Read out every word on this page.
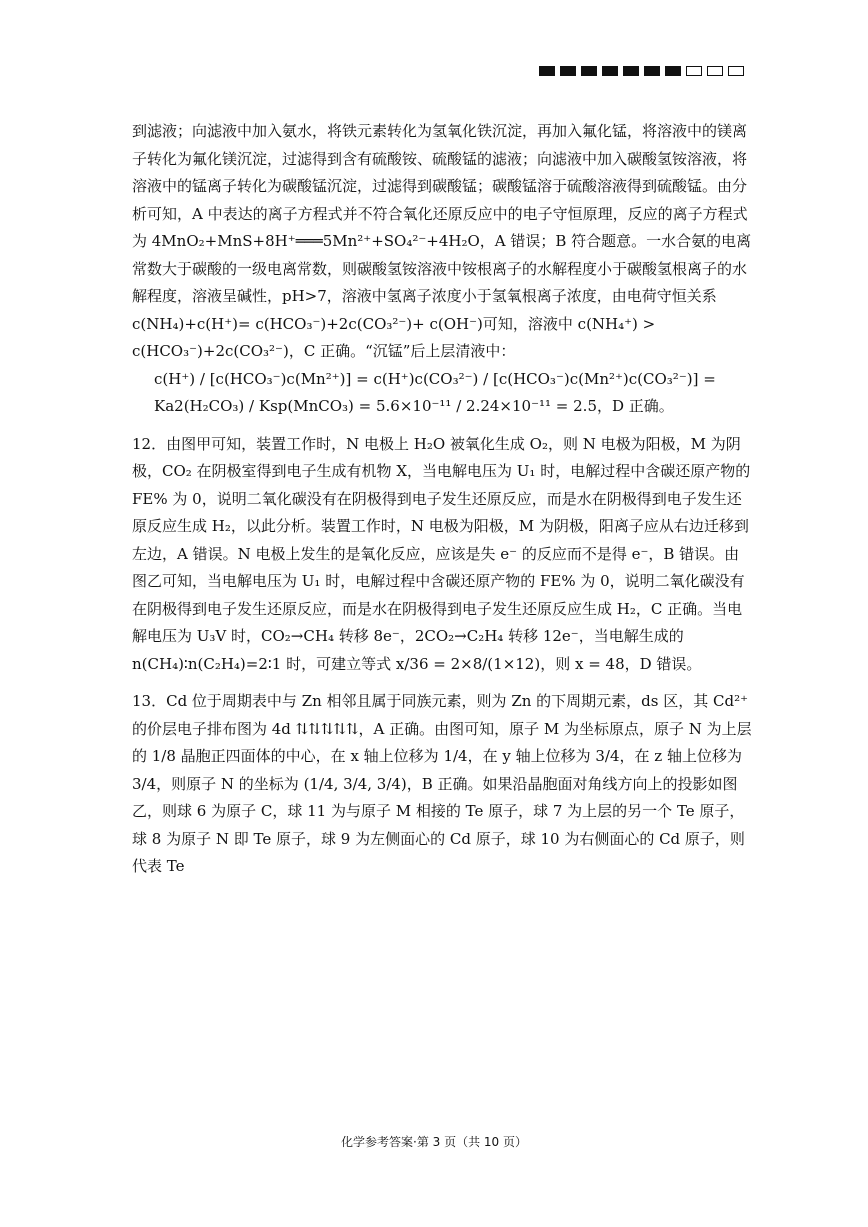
到滤液；向滤液中加入氨水，将铁元素转化为氢氧化铁沉淀，再加入氟化锰，将溶液中的镁离子转化为氟化镁沉淀，过滤得到含有硫酸铵、硫酸锰的滤液；向滤液中加入碳酸氢铵溶液，将溶液中的锰离子转化为碳酸锰沉淀，过滤得到碳酸锰；碳酸锰溶于硫酸溶液得到硫酸锰。由分析可知，A 中表达的离子方程式并不符合氧化还原反应中的电子守恒原理，反应的离子方程式为 4MnO₂+MnS+8H⁺═══5Mn²⁺+SO₄²⁻+4H₂O，A 错误；B 符合题意。一水合氨的电离常数大于碳酸的一级电离常数，则碳酸氢铵溶液中铵根离子的水解程度小于碳酸氢根离子的水解程度，溶液呈碱性，pH>7，溶液中氢离子浓度小于氢氧根离子浓度，由电荷守恒关系 c(NH₄)+c(H⁺)= c(HCO₃⁻)+2c(CO₃²⁻)+ c(OH⁻)可知，溶液中 c(NH₄⁺) > c(HCO₃⁻)+2c(CO₃²⁻)，C 正确。“沉锰”后上层清液中：

c(H⁺) / [c(HCO₃⁻)c(Mn²⁺)] = c(H⁺)c(CO₃²⁻) / [c(HCO₃⁻)c(Mn²⁺)c(CO₃²⁻)] = Ka2(H₂CO₃) / Ksp(MnCO₃) = 5.6×10⁻¹¹ / 2.24×10⁻¹¹ = 2.5，D 正确。

12．由图甲可知，装置工作时，N 电极上 H₂O 被氧化生成 O₂，则 N 电极为阳极，M 为阴极，CO₂ 在阴极室得到电子生成有机物 X，当电解电压为 U₁ 时，电解过程中含碳还原产物的 FE% 为 0，说明二氧化碳没有在阴极得到电子发生还原反应，而是水在阴极得到电子发生还原反应生成 H₂，以此分析。装置工作时，N 电极为阳极，M 为阴极，阳离子应从右边迁移到左边，A 错误。N 电极上发生的是氧化反应，应该是失 e⁻ 的反应而不是得 e⁻，B 错误。由图乙可知，当电解电压为 U₁ 时，电解过程中含碳还原产物的 FE% 为 0，说明二氧化碳没有在阴极得到电子发生还原反应，而是水在阴极得到电子发生还原反应生成 H₂，C 正确。当电解电压为 U₃V 时，CO₂→CH₄ 转移 8e⁻，2CO₂→C₂H₄ 转移 12e⁻，当电解生成的 n(CH₄)∶n(C₂H₄)=2∶1 时，可建立等式 x/36 = 2×8/(1×12)，则 x = 48，D 错误。

13．Cd 位于周期表中与 Zn 相邻且属于同族元素，则为 Zn 的下周期元素，ds 区，其 Cd²⁺ 的价层电子排布图为 4d ⇅⇅⇅⇅⇅，A 正确。由图可知，原子 M 为坐标原点，原子 N 为上层的 1/8 晶胞正四面体的中心，在 x 轴上位移为 1/4，在 y 轴上位移为 3/4，在 z 轴上位移为 3/4，则原子 N 的坐标为 (1/4, 3/4, 3/4)，B 正确。如果沿晶胞面对角线方向上的投影如图乙，则球 6 为原子 C，球 11 为与原子 M 相接的 Te 原子，球 7 为上层的另一个 Te 原子，球 8 为原子 N 即 Te 原子，球 9 为左侧面心的 Cd 原子，球 10 为右侧面心的 Cd 原子，则代表 Te

化学参考答案·第 3 页（共 10 页）
